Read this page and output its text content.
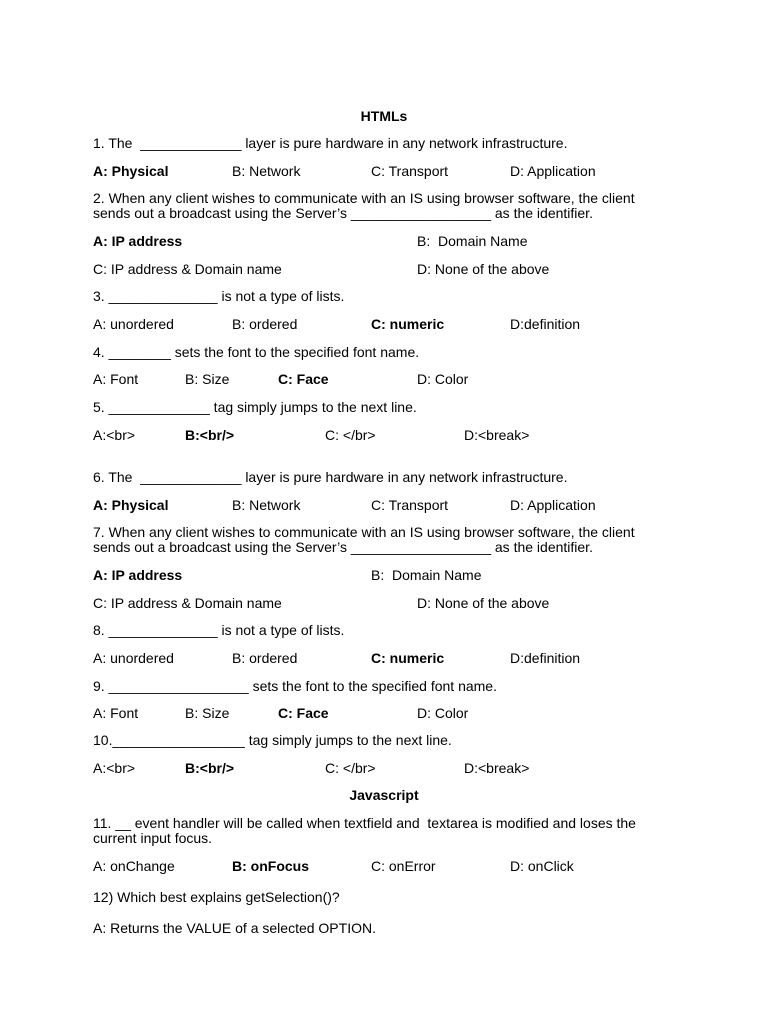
HTMLs
1. The  _____________ layer is pure hardware in any network infrastructure.
A: Physical	B: Network	C: Transport	D: Application
2. When any client wishes to communicate with an IS using browser software, the client
sends out a broadcast using the Server’s __________________ as the identifier.
A: IP address	B:  Domain Name
C: IP address & Domain name	D: None of the above
3. ______________ is not a type of lists.
A: unordered	B: ordered	C: numeric	D:definition
4. ________ sets the font to the specified font name.
A: Font	B: Size	C: Face	D: Color
5. _____________ tag simply jumps to the next line.
A:<br>	B:<br/>	C: </br>	D:<break>
6. The  _____________ layer is pure hardware in any network infrastructure.
A: Physical	B: Network	C: Transport	D: Application
7. When any client wishes to communicate with an IS using browser software, the client
sends out a broadcast using the Server’s __________________ as the identifier.
A: IP address	B:  Domain Name
C: IP address & Domain name	D: None of the above
8. ______________ is not a type of lists.
A: unordered	B: ordered	C: numeric	D:definition
9. __________________ sets the font to the specified font name.
A: Font	B: Size	C: Face	D: Color
10._________________ tag simply jumps to the next line.
A:<br>	B:<br/>	C: </br>	D:<break>
Javascript
11. __ event handler will be called when textfield and  textarea is modified and loses the
current input focus.
A: onChange	B: onFocus	C: onError	D: onClick
12) Which best explains getSelection()?
A: Returns the VALUE of a selected OPTION.
